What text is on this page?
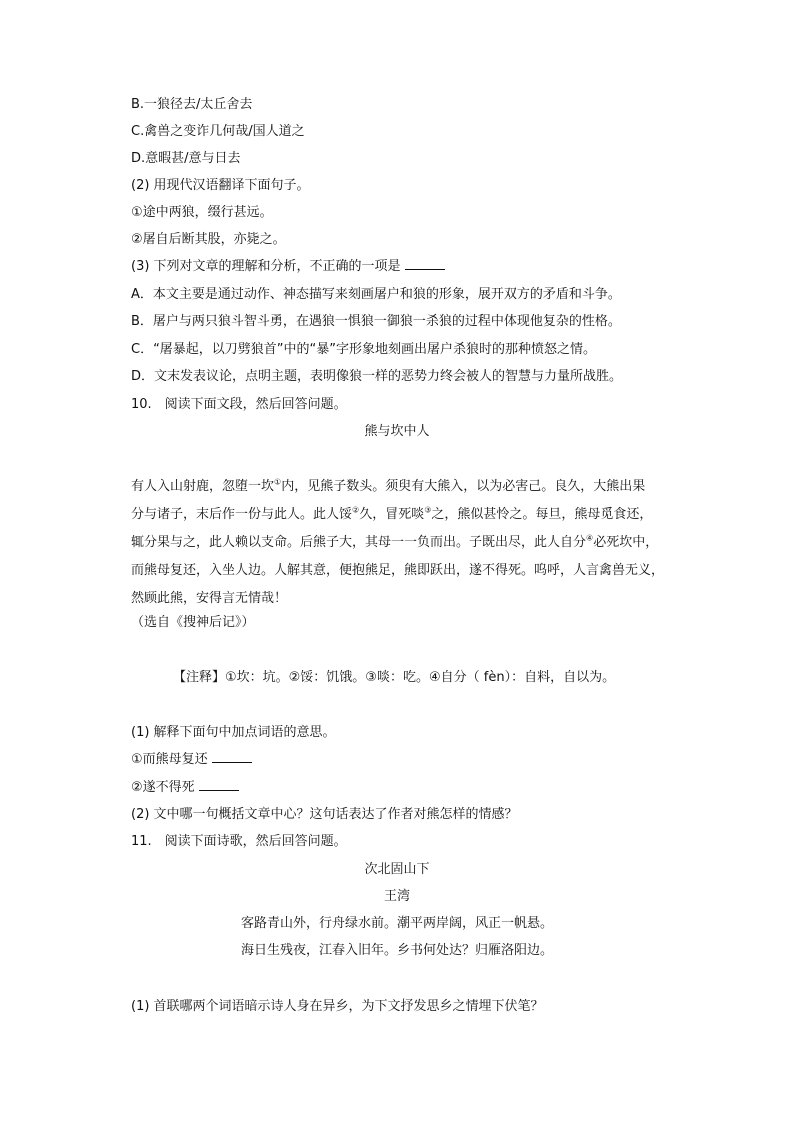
B.一狼径去/太丘舍去
C.禽兽之变诈几何哉/国人道之
D.意暇甚/意与日去
(2) 用现代汉语翻译下面句子。
①途中两狼，缀行甚远。
②屠自后断其股，亦毙之。
(3) 下列对文章的理解和分析，不正确的一项是
A．本文主要是通过动作、神态描写来刻画屠户和狼的形象，展开双方的矛盾和斗争。
B．屠户与两只狼斗智斗勇，在遇狼一惧狼一御狼一杀狼的过程中体现他复杂的性格。
C．“屠暴起，以刀劈狼首”中的“暴”字形象地刻画出屠户杀狼时的那种愤怒之情。
D．文末发表议论，点明主题，表明像狼一样的恶势力终会被人的智慧与力量所战胜。
10.　阅读下面文段，然后回答问题。
熊与坎中人
有人入山射鹿，忽堕一坎①内，见熊子数头。须臾有大熊入，以为必害己。良久，大熊出果
分与诸子，末后作一份与此人。此人馁②久，冒死啖③之，熊似甚怜之。每旦，熊母觅食还，
辄分果与之，此人赖以支命。后熊子大，其母一一负而出。子既出尽，此人自分④必死坎中，
而熊母复还，入坐人边。人解其意，便抱熊足，熊即跃出，遂不得死。呜呼，人言禽兽无义，
然顾此熊，安得言无情哉！
（选自《搜神后记》）
【注释】①坎：坑。②馁：饥饿。③啖：吃。④自分（ fèn）：自料，自以为。
(1) 解释下面句中加点词语的意思。
①而熊母复还
②遂不得死
(2) 文中哪一句概括文章中心？这句话表达了作者对熊怎样的情感？
11.　阅读下面诗歌，然后回答问题。
次北固山下
王湾
客路青山外，行舟绿水前。潮平两岸阔，风正一帆悬。
海日生残夜，江春入旧年。乡书何处达？归雁洛阳边。
(1) 首联哪两个词语暗示诗人身在异乡，为下文抒发思乡之情埋下伏笔？
